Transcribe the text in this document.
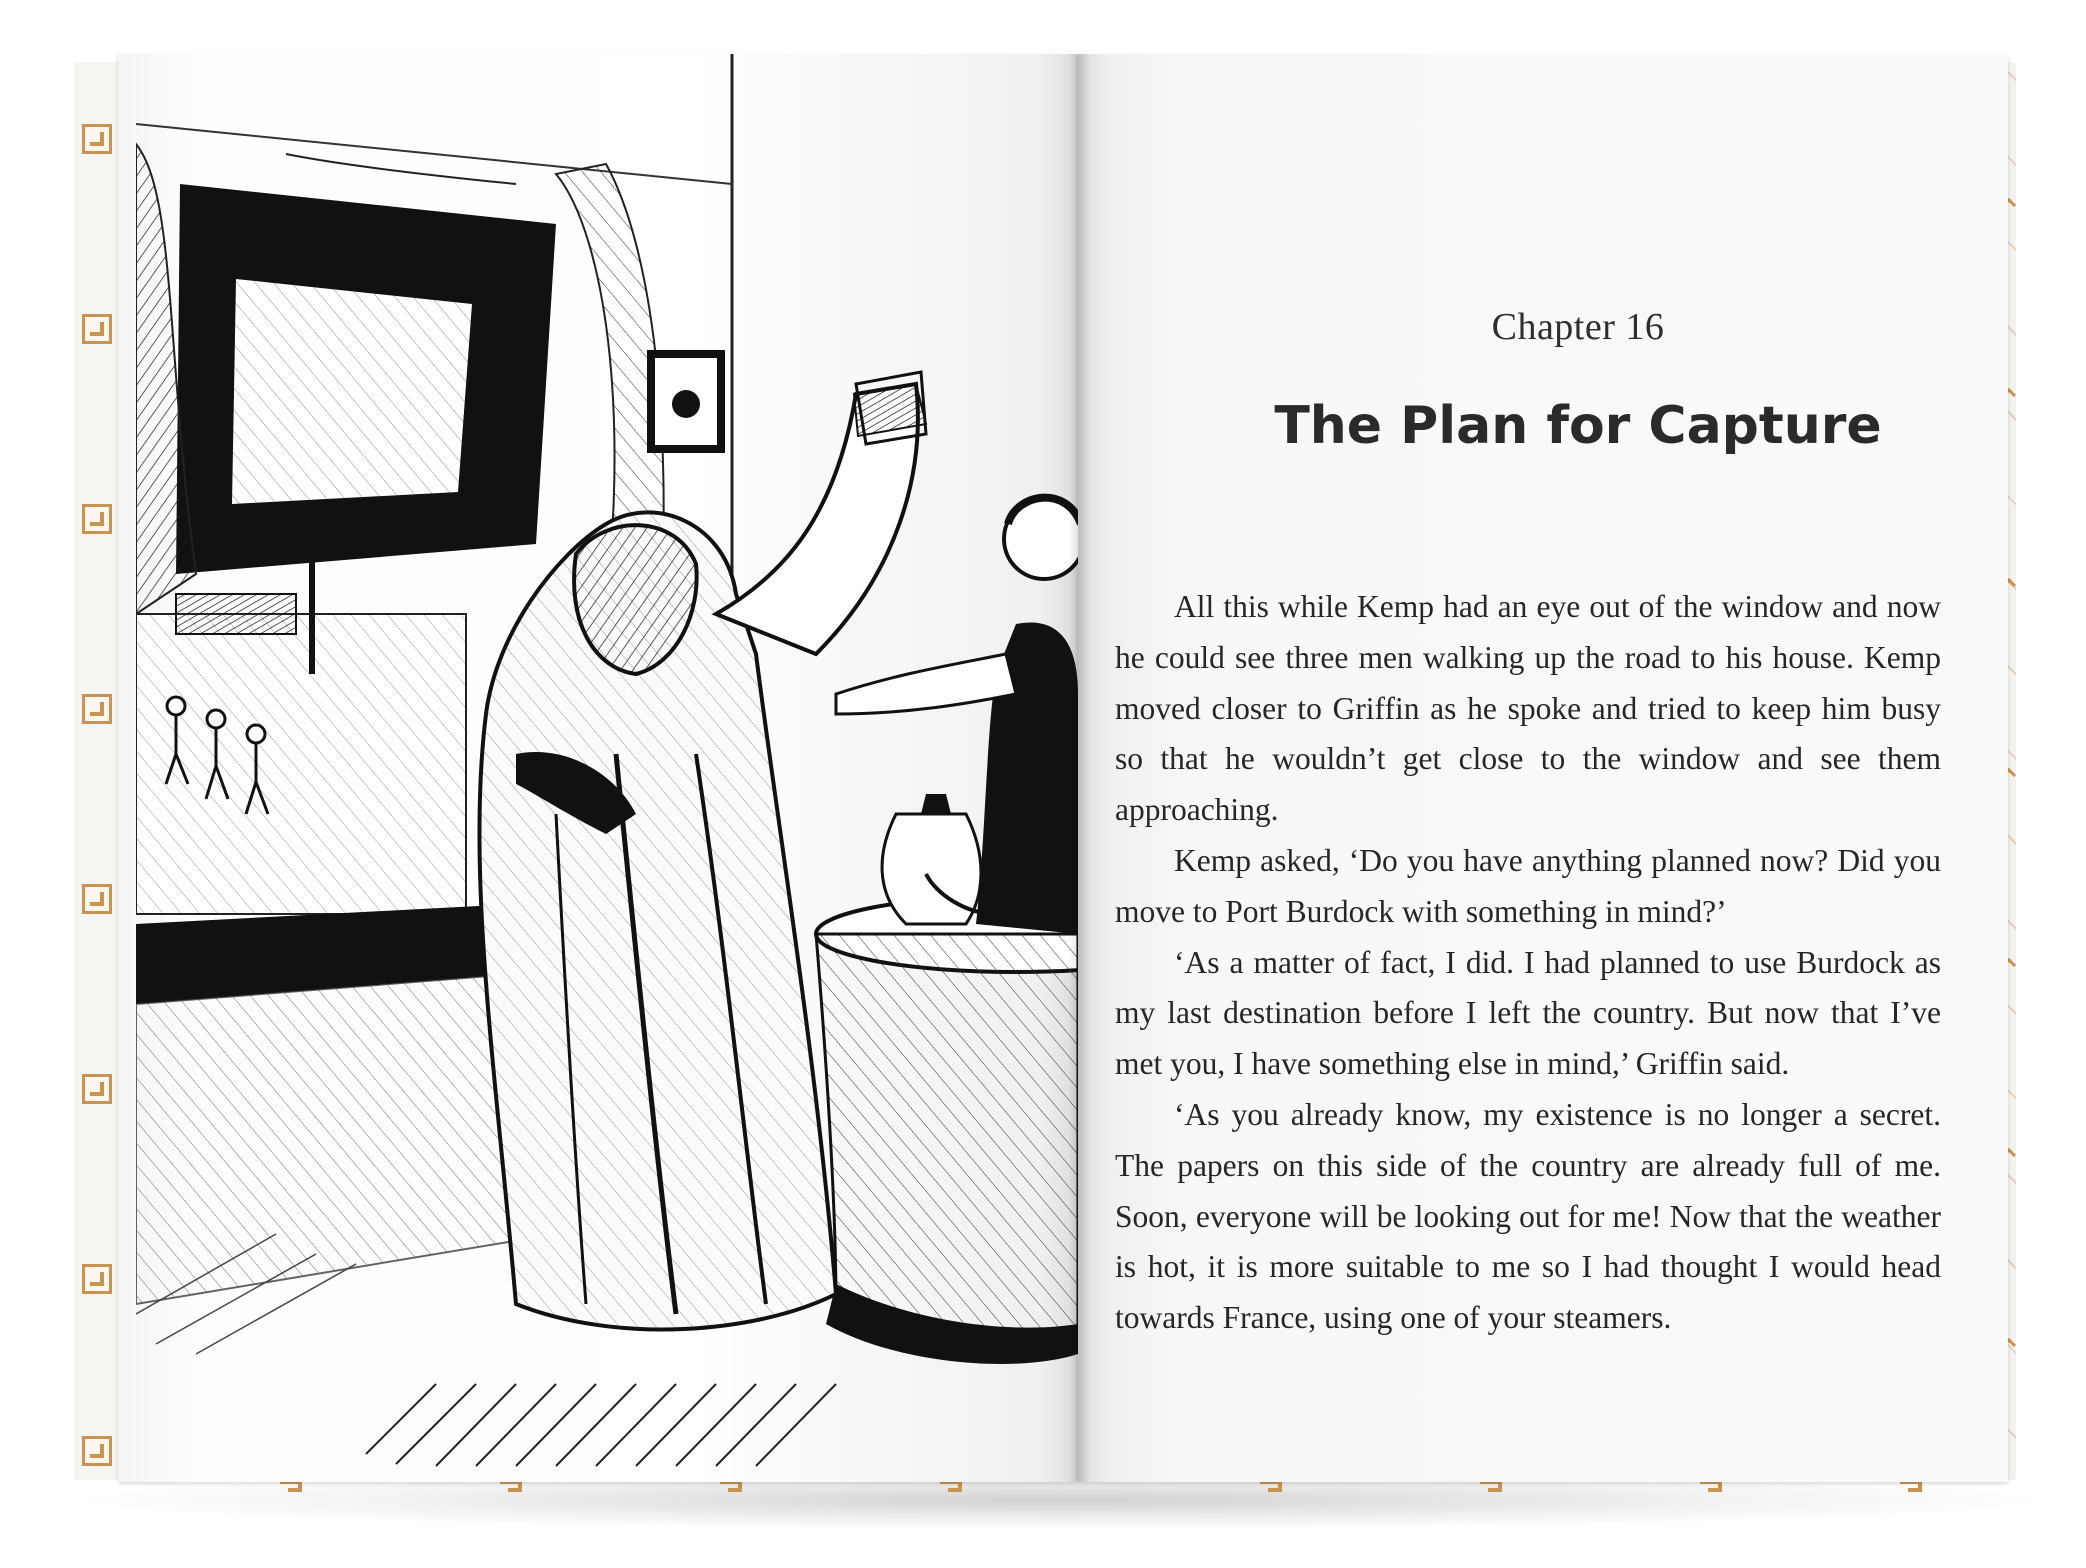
Chapter 16
The Plan for Capture

All this while Kemp had an eye out of the window and now he could see three men walking up the road to his house. Kemp moved closer to Griffin as he spoke and tried to keep him busy so that he wouldn’t get close to the window and see them approaching.

Kemp asked, ‘Do you have anything planned now? Did you move to Port Burdock with something in mind?’

‘As a matter of fact, I did. I had planned to use Burdock as my last destination before I left the country. But now that I’ve met you, I have something else in mind,’ Griffin said.

‘As you already know, my existence is no longer a secret. The papers on this side of the country are already full of me. Soon, everyone will be looking out for me! Now that the weather is hot, it is more suitable to me so I had thought I would head towards France, using one of your steamers.
